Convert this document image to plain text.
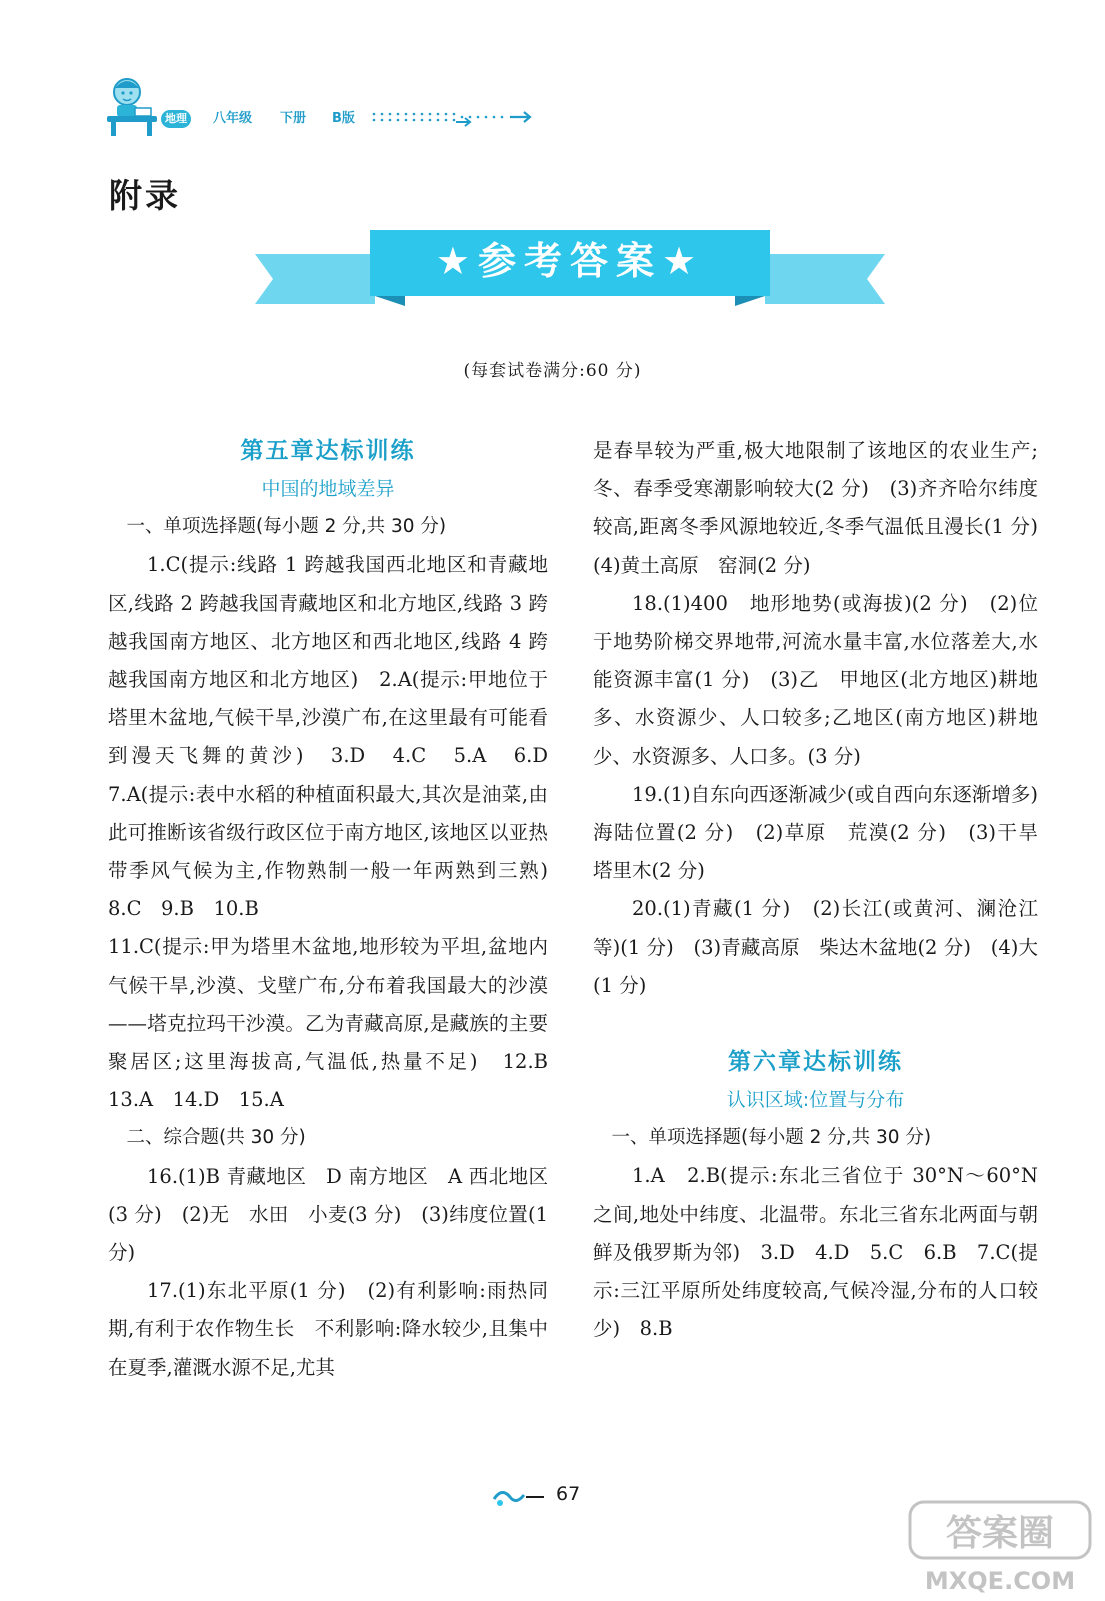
地理	八年级 下册 B版
附录
★参考答案★
(每套试卷满分:60 分)
第五章达标训练
中国的地域差异

一、单项选择题(每小题 2 分,共 30 分)

1.C(提示:线路 1 跨越我国西北地区和青藏地区,线路 2 跨越我国青藏地区和北方地区,线路 3 跨越我国南方地区、北方地区和西北地区,线路 4 跨越我国南方地区和北方地区)　2.A(提示:甲地位于塔里木盆地,气候干旱,沙漠广布,在这里最有可能看到漫天飞舞的黄沙)　3.D　4.C　5.A　6.D　7.A(提示:表中水稻的种植面积最大,其次是油菜,由此可推断该省级行政区位于南方地区,该地区以亚热带季风气候为主,作物熟制一般一年两熟到三熟)　8.C　9.B　10.B

11.C(提示:甲为塔里木盆地,地形较为平坦,盆地内气候干旱,沙漠、戈壁广布,分布着我国最大的沙漠——塔克拉玛干沙漠。乙为青藏高原,是藏族的主要聚居区;这里海拔高,气温低,热量不足)　12.B　13.A　14.D　15.A

二、综合题(共 30 分)

16.(1)B 青藏地区　D 南方地区　A 西北地区(3 分)　(2)无　水田　小麦(3 分)　(3)纬度位置(1 分)

17.(1)东北平原(1 分)　(2)有利影响:雨热同期,有利于农作物生长　不利影响:降水较少,且集中在夏季,灌溉水源不足,尤其

是春旱较为严重,极大地限制了该地区的农业生产;冬、春季受寒潮影响较大(2 分)　(3)齐齐哈尔纬度较高,距离冬季风源地较近,冬季气温低且漫长(1 分)　(4)黄土高原　窑洞(2 分)

18.(1)400　地形地势(或海拔)(2 分)　(2)位于地势阶梯交界地带,河流水量丰富,水位落差大,水能资源丰富(1 分)　(3)乙　甲地区(北方地区)耕地多、水资源少、人口较多;乙地区(南方地区)耕地少、水资源多、人口多。(3 分)

19.(1)自东向西逐渐减少(或自西向东逐渐增多)　海陆位置(2 分)　(2)草原　荒漠(2 分)　(3)干旱　塔里木(2 分)

20.(1)青藏(1 分)　(2)长江(或黄河、澜沧江等)(1 分)　(3)青藏高原　柴达木盆地(2 分)　(4)大(1 分)

第六章达标训练
认识区域:位置与分布

一、单项选择题(每小题 2 分,共 30 分)

1.A　2.B(提示:东北三省位于 30°N～60°N 之间,地处中纬度、北温带。东北三省东北两面与朝鲜及俄罗斯为邻)　3.D　4.D　5.C　6.B　7.C(提示:三江平原所处纬度较高,气候冷湿,分布的人口较少)　8.B

67
答案圈
MXQE.COM
